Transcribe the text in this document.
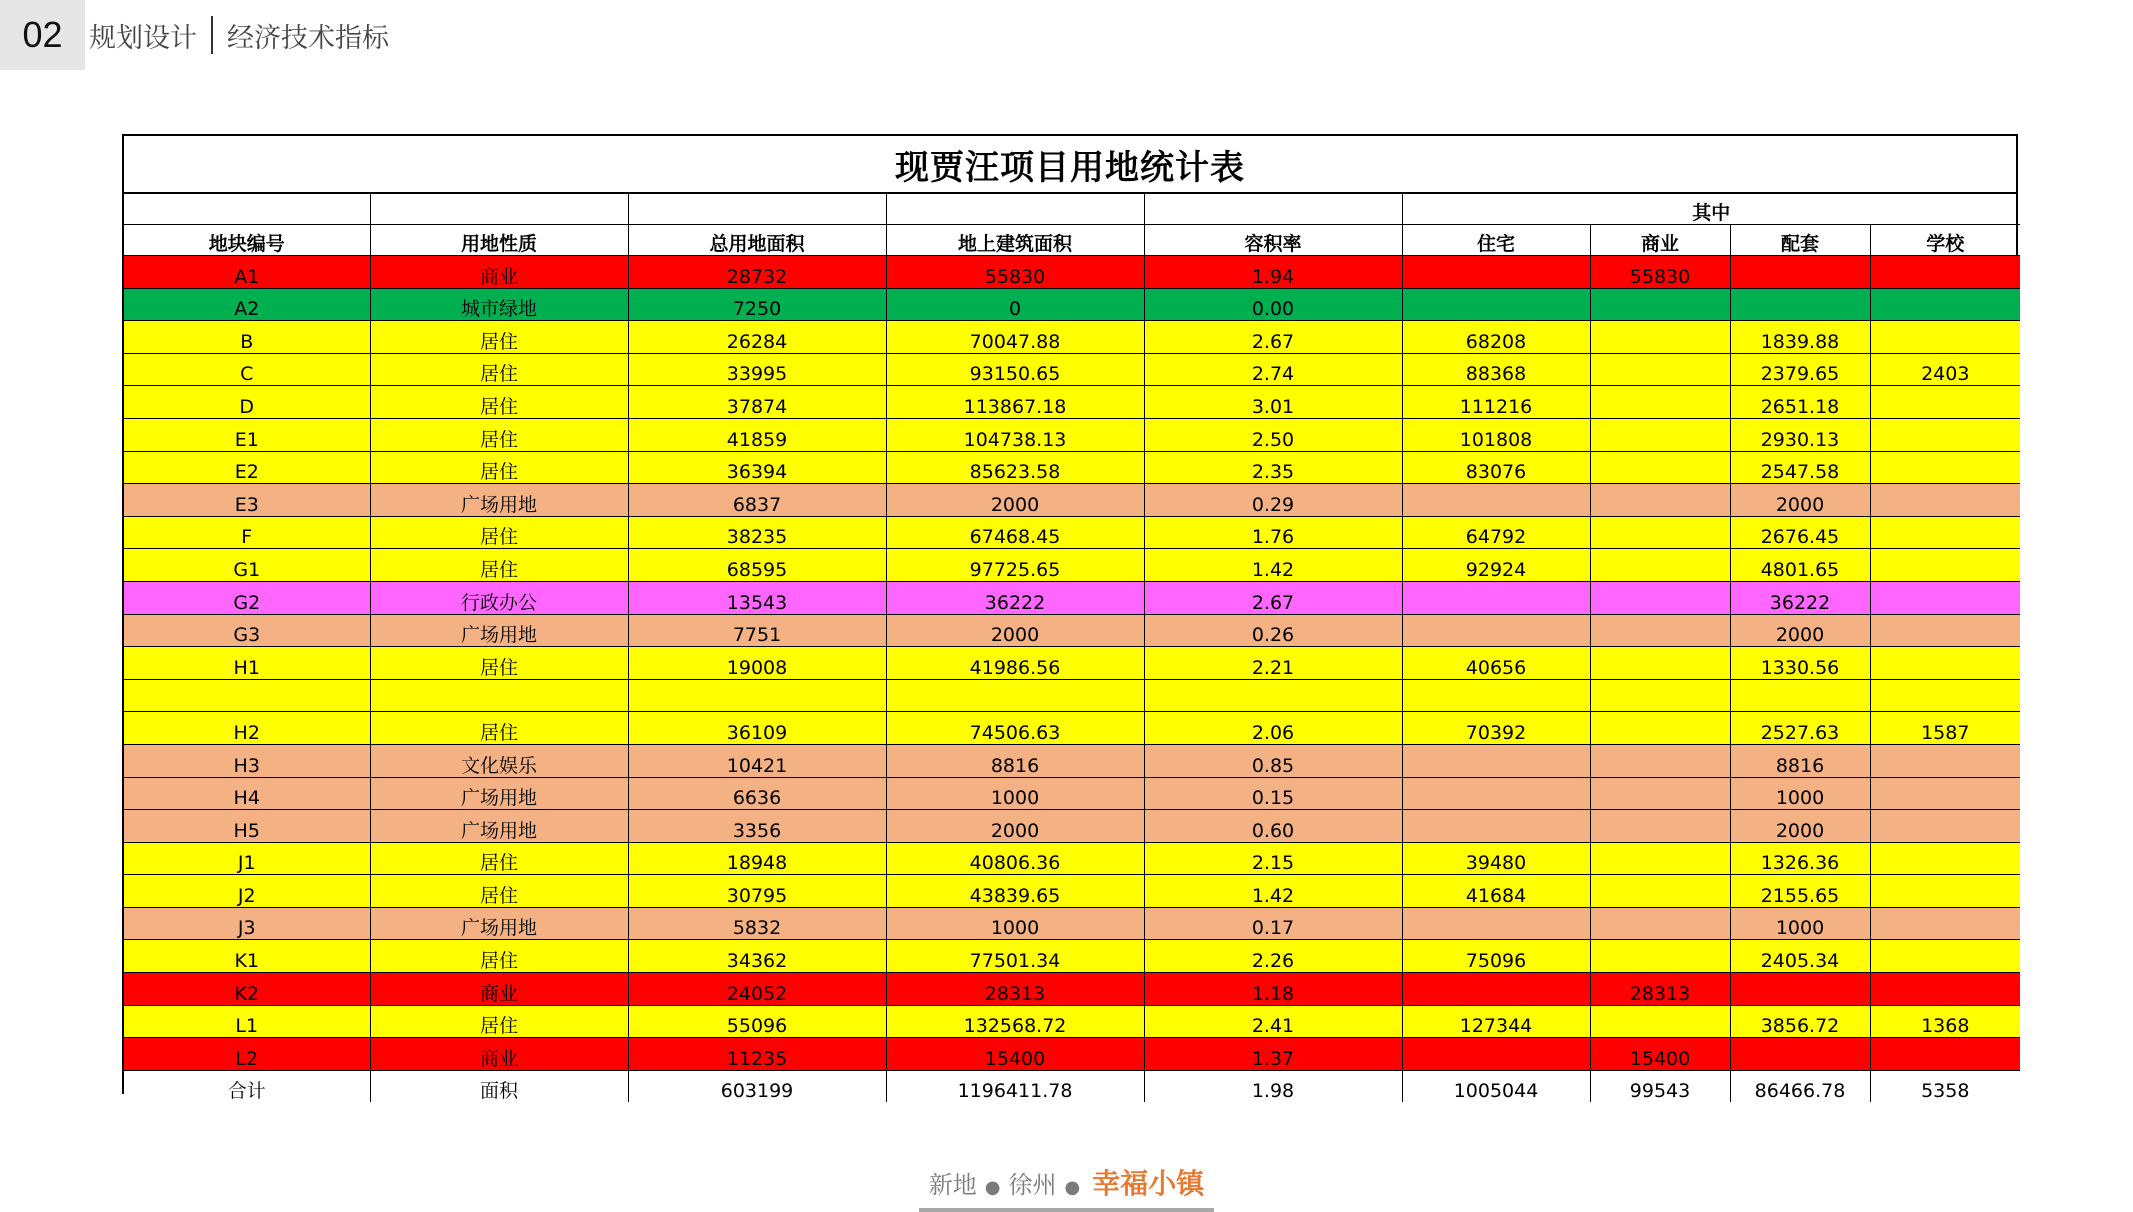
02 规划设计 经济技术指标
现贾汪项目用地统计表
					其中			
地块编号	用地性质	总用地面积	地上建筑面积	容积率	住宅	商业	配套	学校
A1	商业	28732	55830	1.94		55830		
A2	城市绿地	7250	0	0.00				
B	居住	26284	70047.88	2.67	68208		1839.88	
C	居住	33995	93150.65	2.74	88368		2379.65	2403
D	居住	37874	113867.18	3.01	111216		2651.18	
E1	居住	41859	104738.13	2.50	101808		2930.13	
E2	居住	36394	85623.58	2.35	83076		2547.58	
E3	广场用地	6837	2000	0.29			2000	
F	居住	38235	67468.45	1.76	64792		2676.45	
G1	居住	68595	97725.65	1.42	92924		4801.65	
G2	行政办公	13543	36222	2.67			36222	
G3	广场用地	7751	2000	0.26			2000	
H1	居住	19008	41986.56	2.21	40656		1330.56	

H2	居住	36109	74506.63	2.06	70392		2527.63	1587
H3	文化娱乐	10421	8816	0.85			8816	
H4	广场用地	6636	1000	0.15			1000	
H5	广场用地	3356	2000	0.60			2000	
J1	居住	18948	40806.36	2.15	39480		1326.36	
J2	居住	30795	43839.65	1.42	41684		2155.65	
J3	广场用地	5832	1000	0.17			1000	
K1	居住	34362	77501.34	2.26	75096		2405.34	
K2	商业	24052	28313	1.18		28313		
L1	居住	55096	132568.72	2.41	127344		3856.72	1368
L2	商业	11235	15400	1.37		15400		
合计	面积	603199	1196411.78	1.98	1005044	99543	86466.78	5358
新地 ● 徐州 ● 幸福小镇
